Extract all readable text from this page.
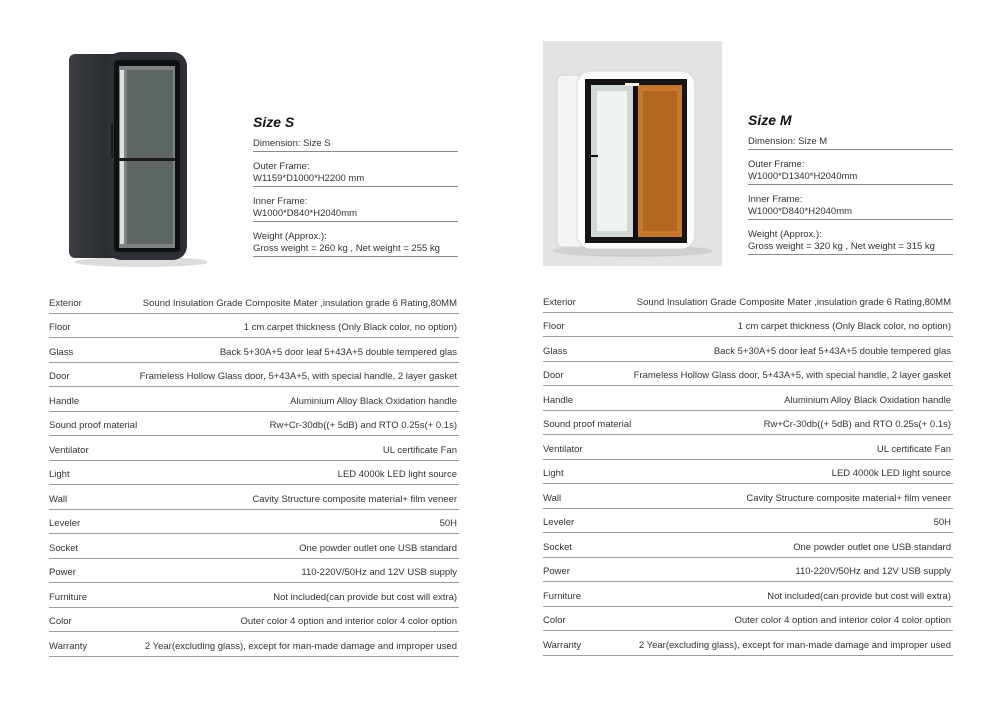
Size S
Dimension: Size S
Outer Frame:
W1159*D1000*H2200 mm
Inner Frame:
W1000*D840*H2040mm
Weight (Approx.):
Gross weight = 260 kg , Net weight = 255 kg
Exterior	Sound Insulation Grade Composite Mater ,insulation grade 6 Rating,80MM
Floor	1 cm carpet thickness (Only Black color, no option)
Glass	Back 5+30A+5 door leaf 5+43A+5 double tempered glas
Door	Frameless Hollow Glass door, 5+43A+5, with special handle, 2 layer gasket
Handle	Aluminium Alloy Black Oxidation handle
Sound proof material	Rw+Cr-30db((+ 5dB) and RTO 0.25s(+ 0.1s)
Ventilator	UL certificate Fan
Light	LED 4000k LED light source
Wall	Cavity Structure composite material+ film veneer
Leveler	50H
Socket	One powder outlet one USB standard
Power	110-220V/50Hz and 12V USB supply
Furniture	Not included(can provide but cost will extra)
Color	Outer color 4 option and interior color 4 color option
Warranty	2 Year(excluding glass), except for man-made damage and improper used
Size M
Dimension: Size M
Outer Frame:
W1000*D1340*H2040mm
Inner Frame:
W1000*D840*H2040mm
Weight (Approx.):
Gross weight = 320 kg , Net weight = 315 kg
Exterior	Sound Insulation Grade Composite Mater ,insulation grade 6 Rating,80MM
Floor	1 cm carpet thickness (Only Black color, no option)
Glass	Back 5+30A+5 door leaf 5+43A+5 double tempered glas
Door	Frameless Hollow Glass door, 5+43A+5, with special handle, 2 layer gasket
Handle	Aluminium Alloy Black Oxidation handle
Sound proof material	Rw+Cr-30db((+ 5dB) and RTO 0.25s(+ 0.1s)
Ventilator	UL certificate Fan
Light	LED 4000k LED light source
Wall	Cavity Structure composite material+ film veneer
Leveler	50H
Socket	One powder outlet one USB standard
Power	110-220V/50Hz and 12V USB supply
Furniture	Not included(can provide but cost will extra)
Color	Outer color 4 option and interior color 4 color option
Warranty	2 Year(excluding glass), except for man-made damage and improper used
